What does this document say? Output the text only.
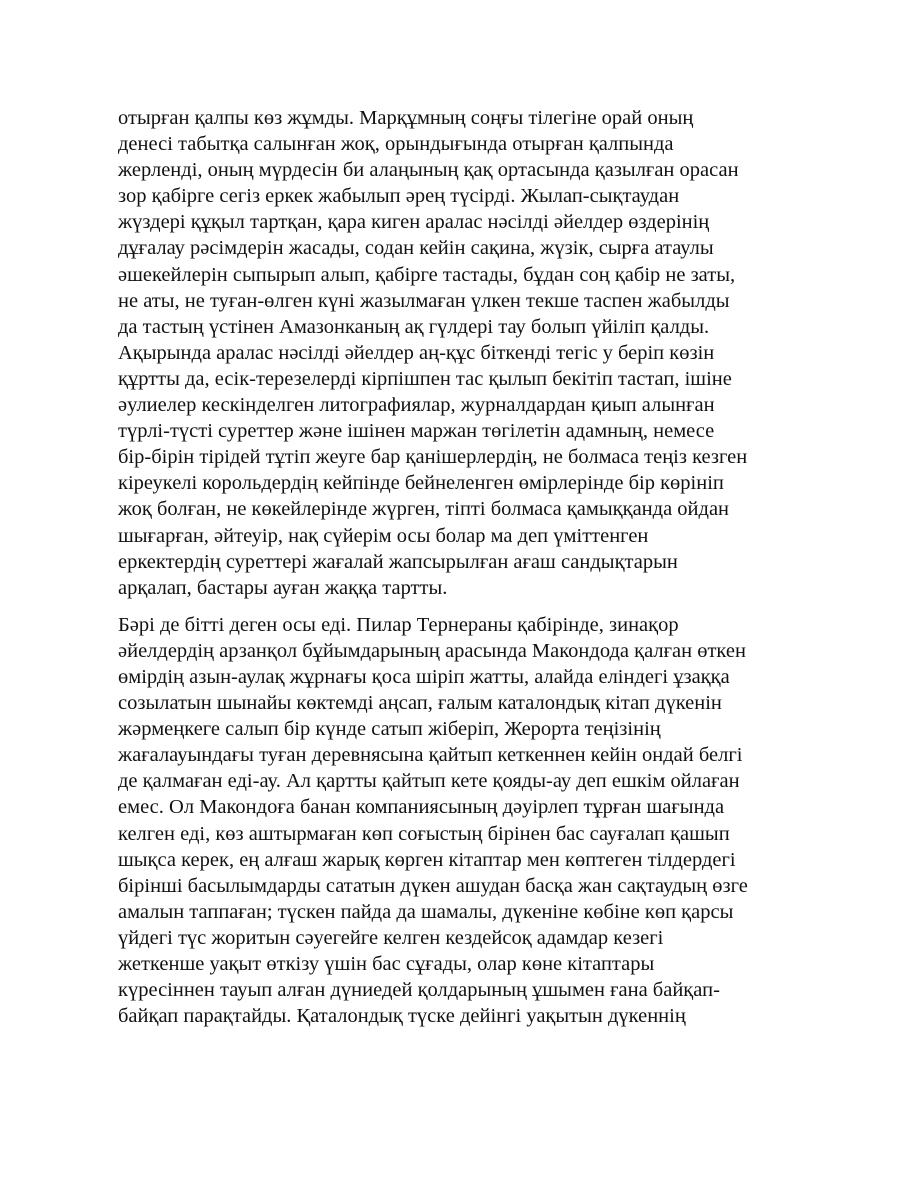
отырған қалпы көз жұмды. Марқұмның соңғы тілегіне орай оның
денесі табытқа салынған жоқ, орындығында отырған қалпында
жерленді, оның мүрдесін би алаңының қақ ортасында қазылған орасан
зор қабірге сегіз еркек жабылып әрең түсірді. Жылап-сықтаудан
жүздері құқыл тартқан, қара киген аралас нәсілді әйелдер өздерінің
дұғалау рәсімдерін жасады, содан кейін сақина, жүзік, сырға атаулы
әшекейлерін сыпырып алып, қабірге тастады, бұдан соң қабір не заты,
не аты, не туған-өлген күні жазылмаған үлкен текше таспен жабылды
да тастың үстінен Амазонканың ақ гүлдері тау болып үйіліп қалды.
Ақырында аралас нәсілді әйелдер аң-құс біткенді тегіс у беріп көзін
құртты да, есік-терезелерді кірпішпен тас қылып бекітіп тастап, ішіне
әулиелер кескінделген литографиялар, журналдардан қиып алынған
түрлі-түсті суреттер және ішінен маржан төгілетін адамның, немесе
бір-бірін тірідей тұтіп жеуге бар қанішерлердің, не болмаса теңіз кезген
кіреукелі корольдердің кейпінде бейнеленген өмірлерінде бір көрініп
жоқ болған, не көкейлерінде жүрген, тіпті болмаса қамыққанда ойдан
шығарған, әйтеуір, нақ сүйерім осы болар ма деп үміттенген
еркектердің суреттері жағалай жапсырылған ағаш сандықтарын
арқалап, бастары ауған жаққа тартты.

Бәрі де бітті деген осы еді. Пилар Тернераны қабірінде, зинақор
әйелдердің арзанқол бұйымдарының арасында Макондода қалған өткен
өмірдің азын-аулақ жұрнағы қоса шіріп жатты, алайда еліндегі ұзаққа
созылатын шынайы көктемді аңсап, ғалым каталондық кітап дүкенін
жәрмеңкеге салып бір күнде сатып жіберіп, Жерорта теңізінің
жағалауындағы туған деревнясына қайтып кеткеннен кейін ондай белгі
де қалмаған еді-ау. Ал қартты қайтып кете қояды-ау деп ешкім ойлаған
емес. Ол Макондоға банан компаниясының дәуірлеп тұрған шағында
келген еді, көз аштырмаған көп соғыстың бірінен бас сауғалап қашып
шықса керек, ең алғаш жарық көрген кітаптар мен көптеген тілдердегі
бірінші басылымдарды сататын дүкен ашудан басқа жан сақтаудың өзге
амалын таппаған; түскен пайда да шамалы, дүкеніне көбіне көп қарсы
үйдегі түс жоритын сәуегейге келген кездейсоқ адамдар кезегі
жеткенше уақыт өткізу үшін бас сұғады, олар көне кітаптары
күресіннен тауып алған дүниедей қолдарының ұшымен ғана байқап-
байқап парақтайды. Қаталондық түске дейінгі уақытын дүкеннің
